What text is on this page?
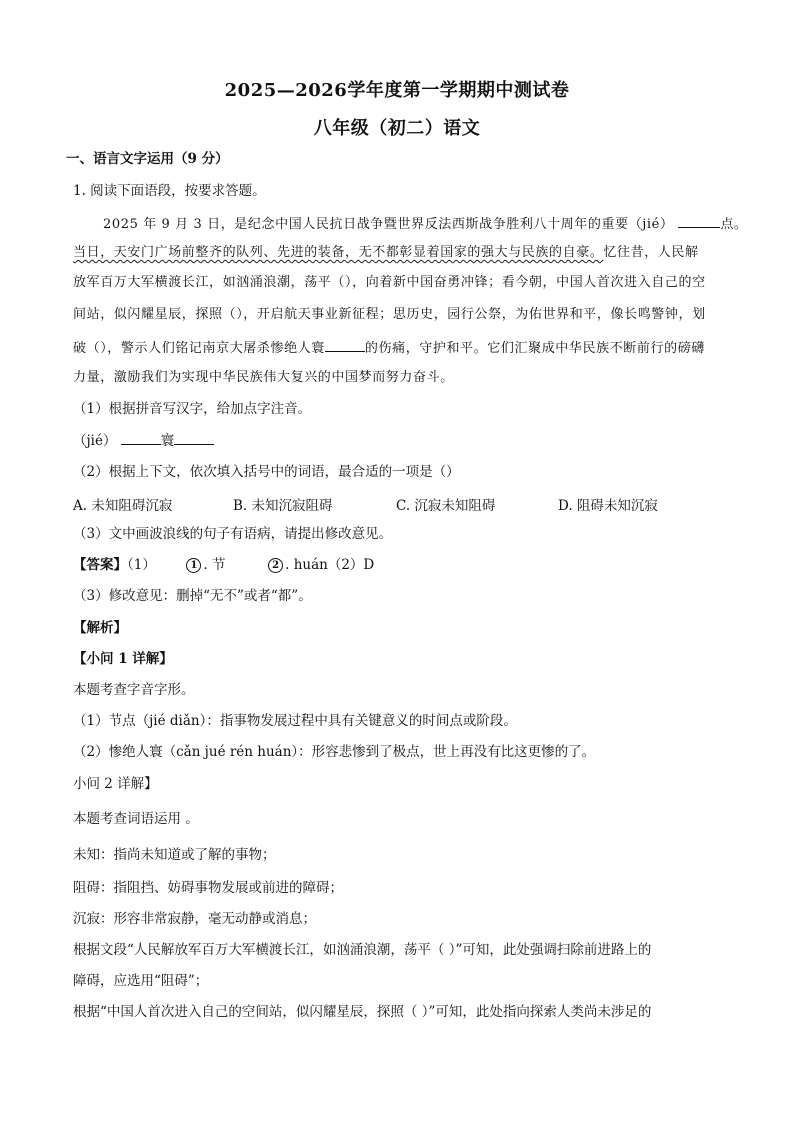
2025—2026学年度第一学期期中测试卷
八年级（初二）语文
一、语言文字运用（9 分）
1. 阅读下面语段，按要求答题。
2025 年 9 月 3 日，是纪念中国人民抗日战争暨世界反法西斯战争胜利八十周年的重要（jié）	点。
当日，天安门广场前整齐的队列、先进的装备，无不都彰显着国家的强大与民族的自豪。忆往昔，人民解
放军百万大军横渡长江，如汹涌浪潮，荡平（），向着新中国奋勇冲锋；看今朝，中国人首次进入自己的空
间站，似闪耀星辰，探照（），开启航天事业新征程；思历史，园行公祭，为佑世界和平，像长鸣警钟，划
破（），警示人们铭记南京大屠杀惨绝人寰	的伤痛，守护和平。它们汇聚成中华民族不断前行的磅礴
力量，激励我们为实现中华民族伟大复兴的中国梦而努力奋斗。
（1）根据拼音写汉字，给加点字注音。
（jié）	寰
（2）根据上下文，依次填入括号中的词语，最合适的一项是（）
A. 未知阻碍沉寂	B. 未知沉寂阻碍	C. 沉寂未知阻碍	D. 阻碍未知沉寂
（3）文中画波浪线的句子有语病，请提出修改意见。
【答案】（1）	1 . 节	2 . huán（2）D
（3）修改意见：删掉“无不”或者“都”。
【解析】
【小问 1 详解】
本题考查字音字形。
（1）节点（jié diǎn）：指事物发展过程中具有关键意义的时间点或阶段。
（2）惨绝人寰（cǎn jué rén huán）：形容悲惨到了极点，世上再没有比这更惨的了。
小问 2 详解】
本题考查词语运用 。
未知：指尚未知道或了解的事物；
阻碍：指阻挡、妨碍事物发展或前进的障碍；
沉寂：形容非常寂静，毫无动静或消息；
根据文段“人民解放军百万大军横渡长江，如汹涌浪潮，荡平（ ）”可知，此处强调扫除前进路上的
障碍，应选用“阻碍”；
根据“中国人首次进入自己的空间站，似闪耀星辰，探照（ ）”可知，此处指向探索人类尚未涉足的
